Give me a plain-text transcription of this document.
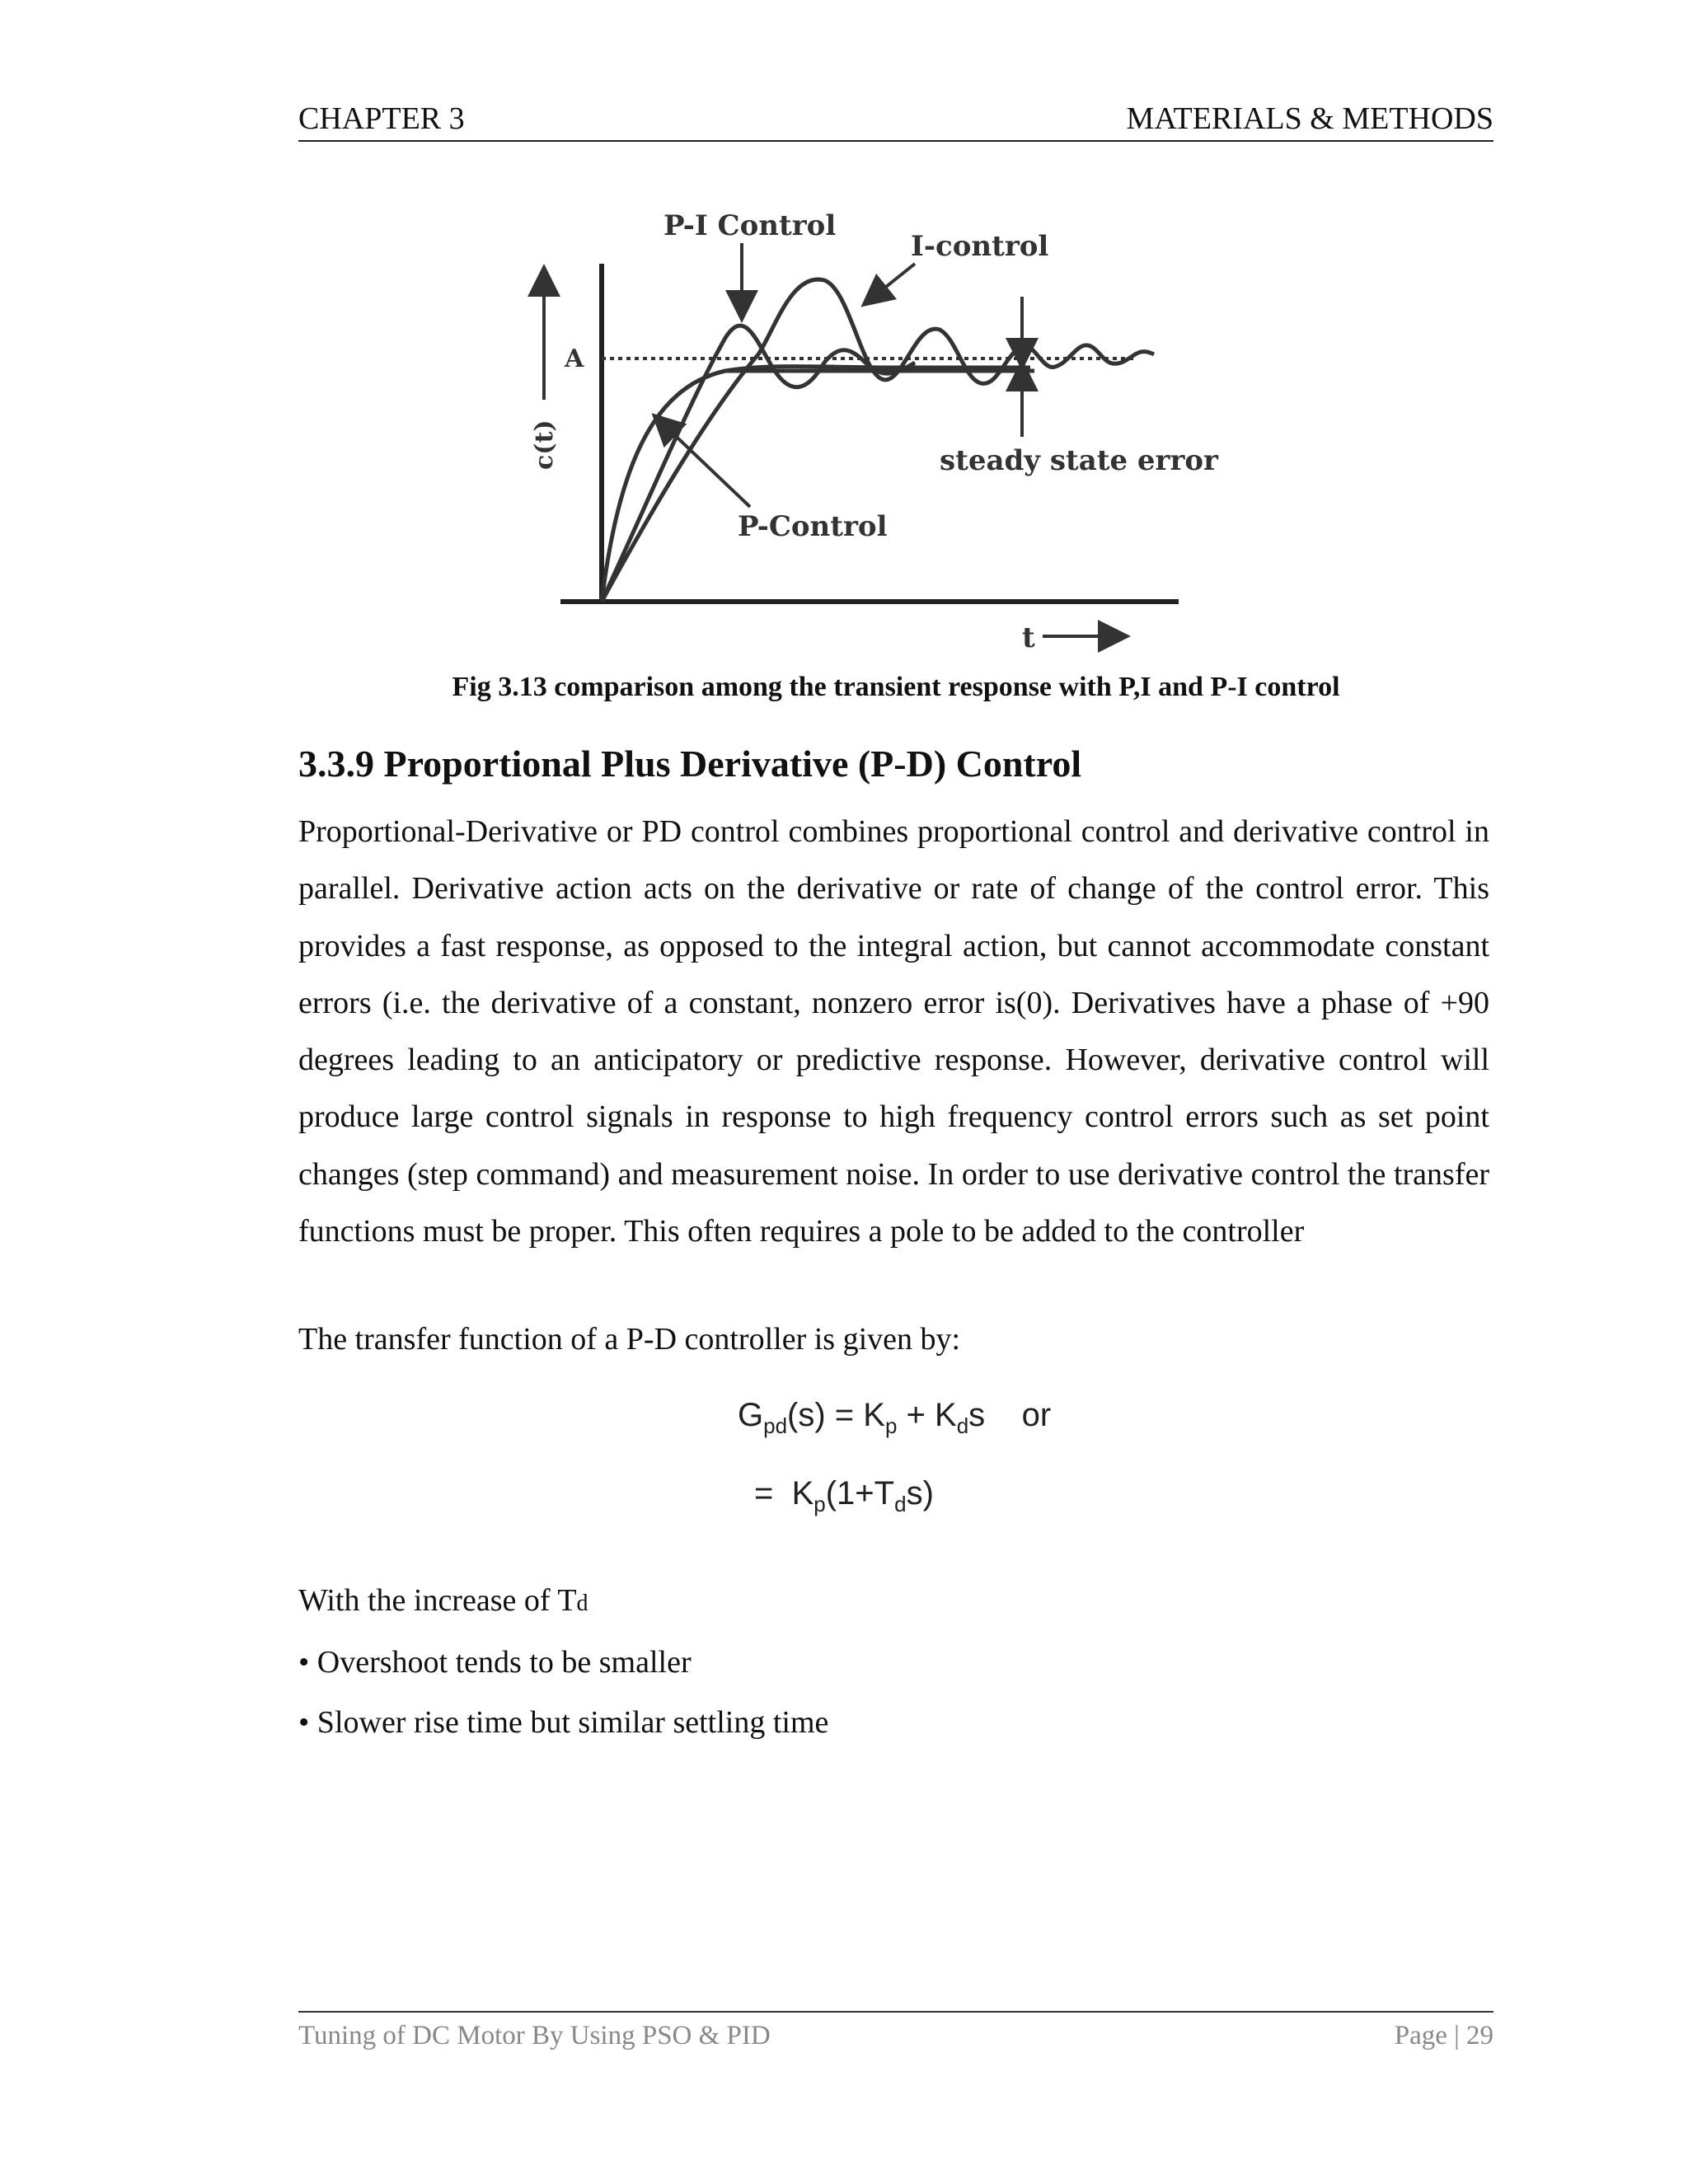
CHAPTER 3	MATERIALS & METHODS
c(t)
A
P-I Control
I-control
steady state error
P-Control
t
Fig 3.13 comparison among the transient response with P,I and P-I control
3.3.9 Proportional Plus Derivative (P-D) Control

Proportional-Derivative or PD control combines proportional control and derivative control in parallel. Derivative action acts on the derivative or rate of change of the control error. This provides a fast response, as opposed to the integral action, but cannot accommodate constant errors (i.e. the derivative of a constant, nonzero error is(0). Derivatives have a phase of +90 degrees leading to an anticipatory or predictive response. However, derivative control will produce large control signals in response to high frequency control errors such as set point changes (step command) and measurement noise. In order to use derivative control the transfer functions must be proper. This often requires a pole to be added to the controller

The transfer function of a P-D controller is given by:
$G_{pd}(s) = K_p + K_ds$    or
=  $K_p(1+T_ds)$
With the increase of Td
• Overshoot tends to be smaller
• Slower rise time but similar settling time
Tuning of DC Motor By Using PSO & PID	Page | 29
